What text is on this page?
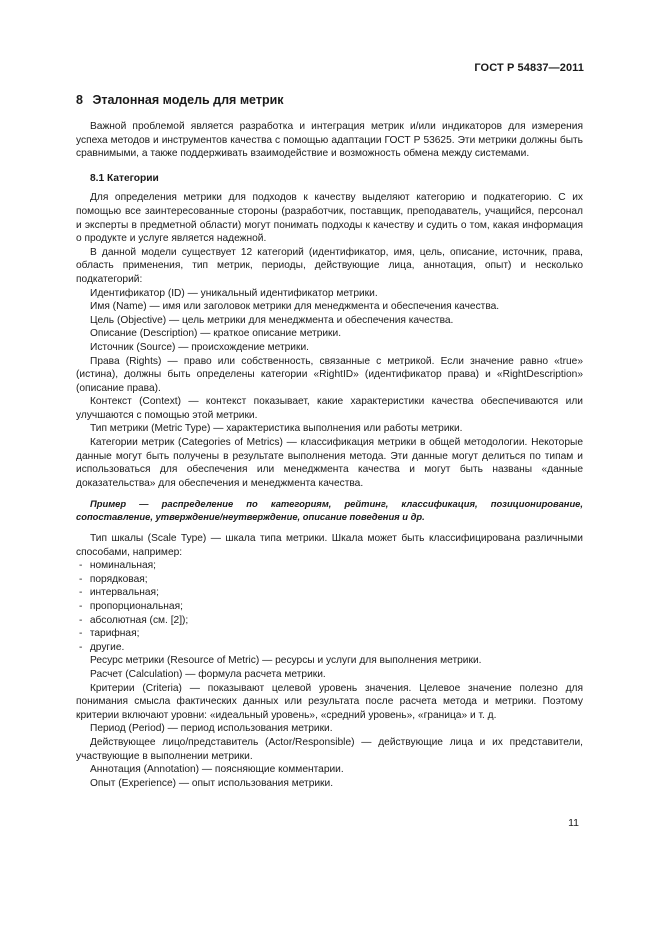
ГОСТ Р 54837—2011
8 Эталонная модель для метрик

Важной проблемой является разработка и интеграция метрик и/или индикаторов для измерения успеха методов и инструментов качества с помощью адаптации ГОСТ Р 53625. Эти метрики должны быть сравнимыми, а также поддерживать взаимодействие и возможность обмена между системами.

8.1 Категории

Для определения метрики для подходов к качеству выделяют категорию и подкатегорию. С их помощью все заинтересованные стороны (разработчик, поставщик, преподаватель, учащийся, персонал и эксперты в предметной области) могут понимать подходы к качеству и судить о том, какая информация о продукте и услуге является надежной.

В данной модели существует 12 категорий (идентификатор, имя, цель, описание, источник, права, область применения, тип метрик, периоды, действующие лица, аннотация, опыт) и несколько подкатегорий:

Идентификатор (ID) — уникальный идентификатор метрики.

Имя (Name) — имя или заголовок метрики для менеджмента и обеспечения качества.

Цель (Objective) — цель метрики для менеджмента и обеспечения качества.

Описание (Description) — краткое описание метрики.

Источник (Source) — происхождение метрики.

Права (Rights) — право или собственность, связанные с метрикой. Если значение равно «true» (истина), должны быть определены категории «RightID» (идентификатор права) и «RightDescription» (описание права).

Контекст (Context) — контекст показывает, какие характеристики качества обеспечиваются или улучшаются с помощью этой метрики.

Тип метрики (Metric Type) — характеристика выполнения или работы метрики.

Категории метрик (Categories of Metrics) — классификация метрики в общей методологии. Некоторые данные могут быть получены в результате выполнения метода. Эти данные могут делиться по типам и использоваться для обеспечения или менеджмента качества и могут быть названы «данные доказательства» для обеспечения и менеджмента качества.

Пример — распределение по категориям, рейтинг, классификация, позиционирование, сопоставление, утверждение/неутверждение, описание поведения и др.

Тип шкалы (Scale Type) — шкала типа метрики. Шкала может быть классифицирована различными способами, например:

- номинальная;
- порядковая;
- интервальная;
- пропорциональная;
- абсолютная (см. [2]);
- тарифная;
- другие.

Ресурс метрики (Resource of Metric) — ресурсы и услуги для выполнения метрики.

Расчет (Calculation) — формула расчета метрики.

Критерии (Criteria) — показывают целевой уровень значения. Целевое значение полезно для понимания смысла фактических данных или результата после расчета метода и метрики. Поэтому критерии включают уровни: «идеальный уровень», «средний уровень», «граница» и т. д.

Период (Period) — период использования метрики.

Действующее лицо/представитель (Actor/Responsible) — действующие лица и их представители, участвующие в выполнении метрики.

Аннотация (Annotation) — поясняющие комментарии.

Опыт (Experience) — опыт использования метрики.

11
